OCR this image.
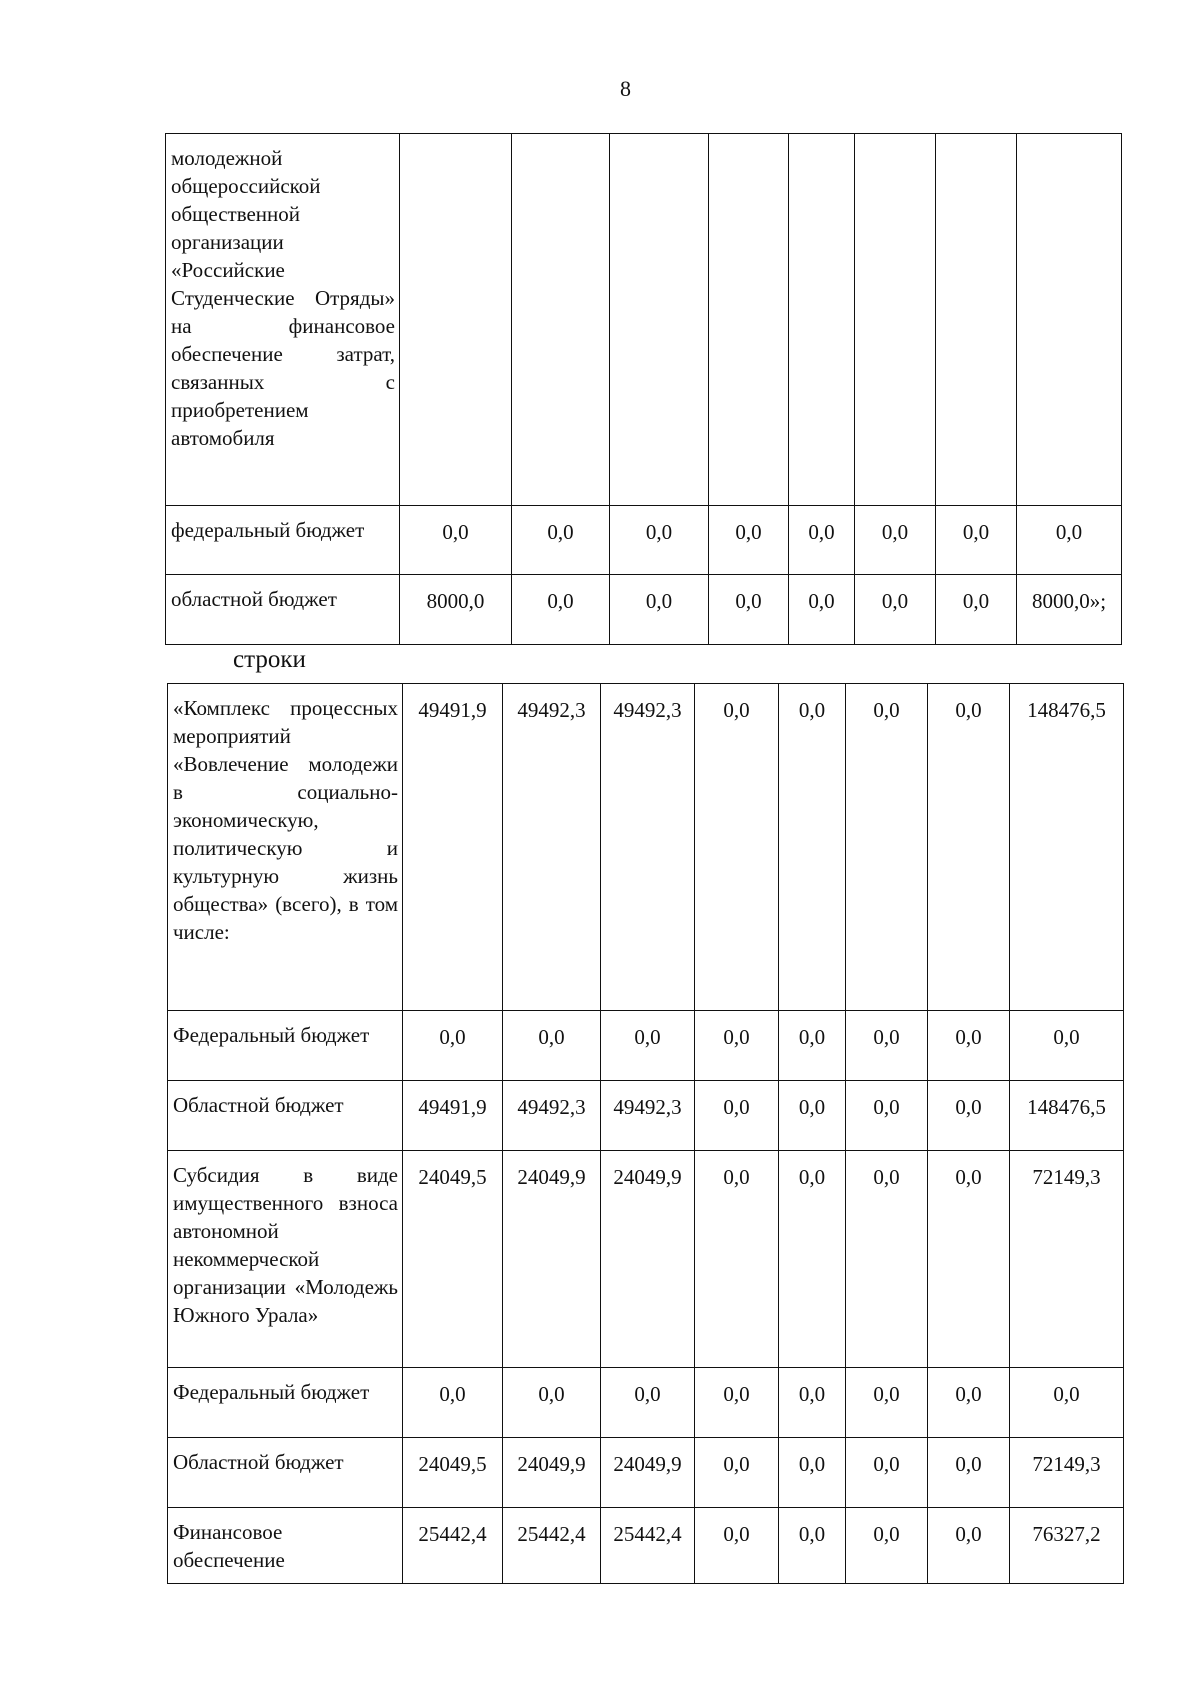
8
молодежной общероссийской общественной организации «Российские Студенческие Отряды» на финансовое обеспечение затрат, связанных с приобретением автомобиля								
федеральный бюджет	0,0	0,0	0,0	0,0	0,0	0,0	0,0	0,0
областной бюджет	8000,0	0,0	0,0	0,0	0,0	0,0	0,0	8000,0»;
строки
«Комплекс процессных мероприятий «Вовлечение молодежи в социально-экономическую, политическую и культурную жизнь общества» (всего), в том числе:	49491,9	49492,3	49492,3	0,0	0,0	0,0	0,0	148476,5
Федеральный бюджет	0,0	0,0	0,0	0,0	0,0	0,0	0,0	0,0
Областной бюджет	49491,9	49492,3	49492,3	0,0	0,0	0,0	0,0	148476,5
Субсидия в виде имущественного взноса автономной некоммерческой организации «Молодежь Южного Урала»	24049,5	24049,9	24049,9	0,0	0,0	0,0	0,0	72149,3
Федеральный бюджет	0,0	0,0	0,0	0,0	0,0	0,0	0,0	0,0
Областной бюджет	24049,5	24049,9	24049,9	0,0	0,0	0,0	0,0	72149,3
Финансовое обеспечение	25442,4	25442,4	25442,4	0,0	0,0	0,0	0,0	76327,2
